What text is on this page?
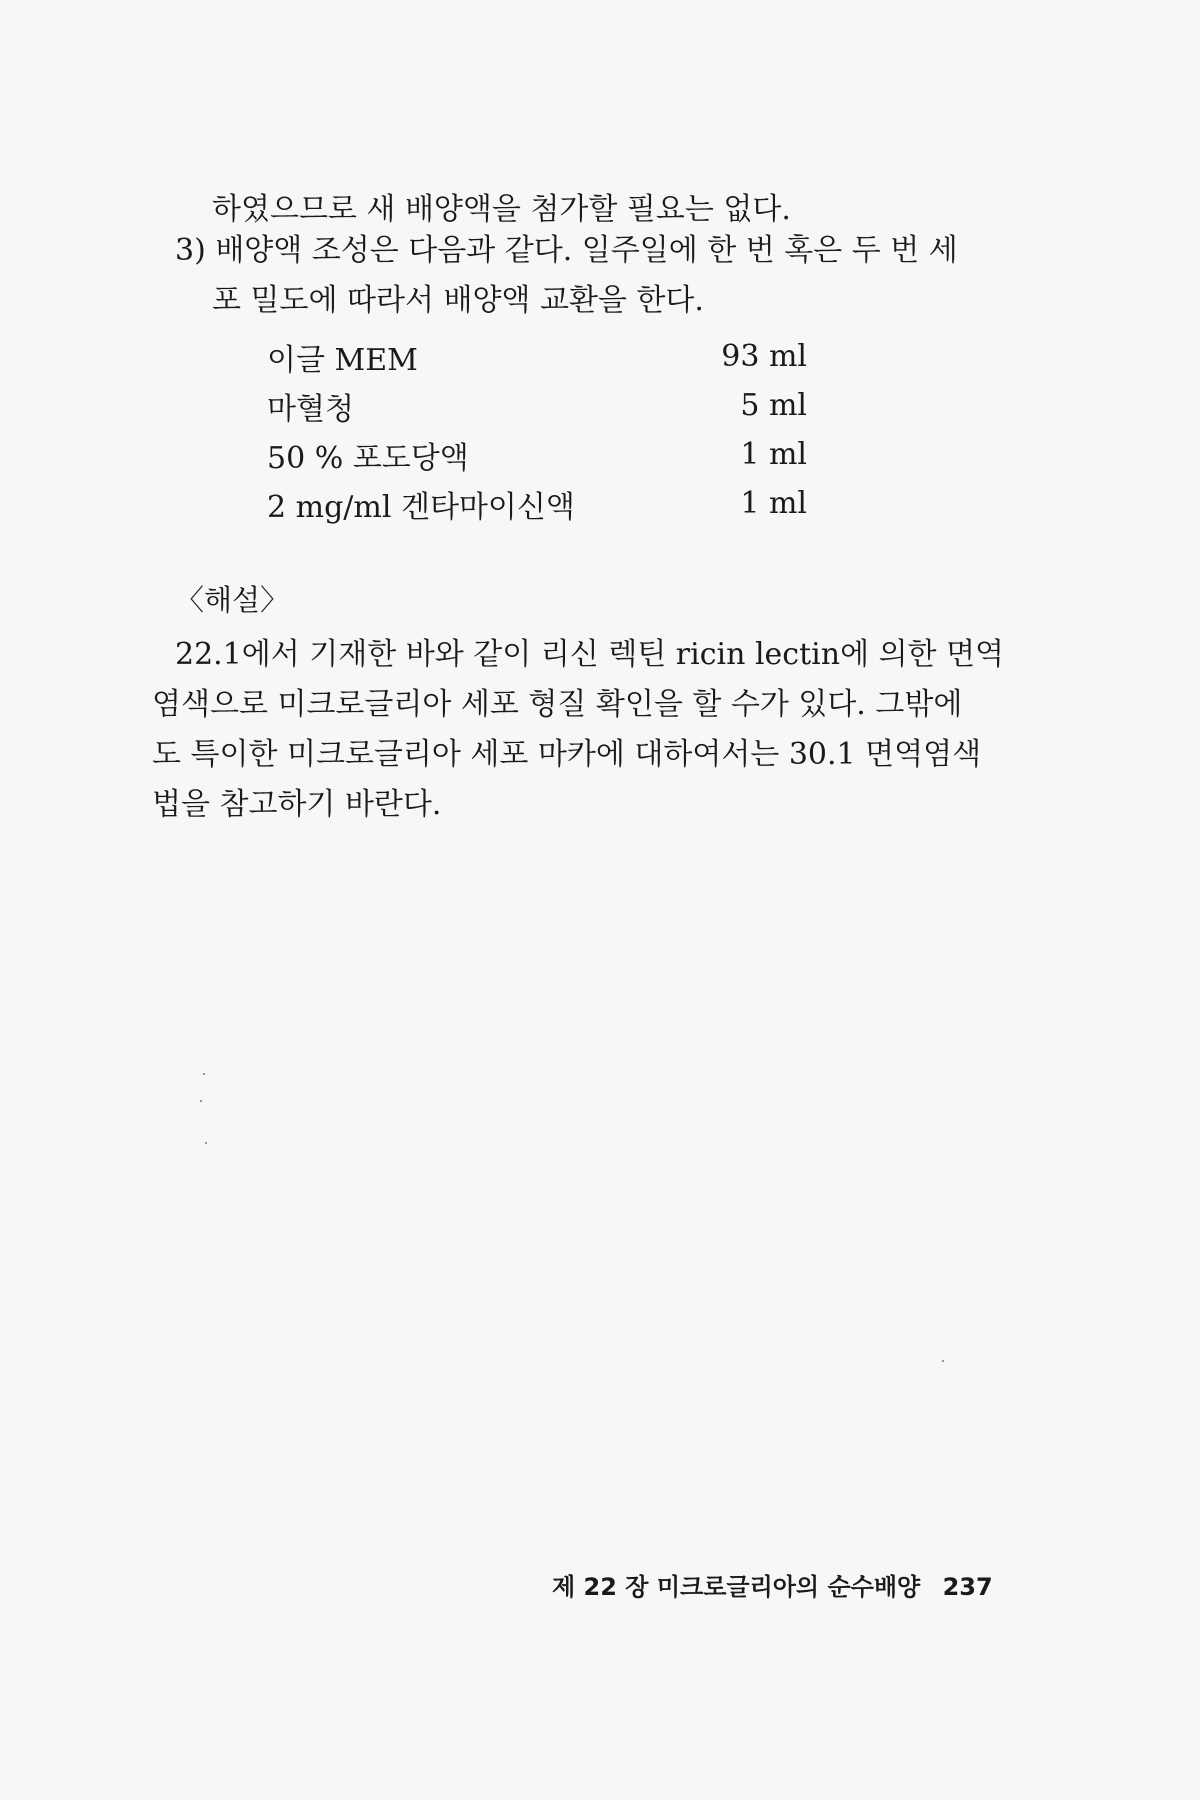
하였으므로 새 배양액을 첨가할 필요는 없다.
3) 배양액 조성은 다음과 같다. 일주일에 한 번 혹은 두 번 세
포 밀도에 따라서 배양액 교환을 한다.
이글 MEM	93 ml
마혈청	5 ml
50 % 포도당액	1 ml
2 mg/ml 겐타마이신액	1 ml
〈해설〉
22.1에서 기재한 바와 같이 리신 렉틴 ricin lectin에 의한 면역
염색으로 미크로글리아 세포 형질 확인을 할 수가 있다. 그밖에
도 특이한 미크로글리아 세포 마카에 대하여서는 30.1 면역염색
법을 참고하기 바란다.
제 22 장 미크로글리아의 순수배양 237
